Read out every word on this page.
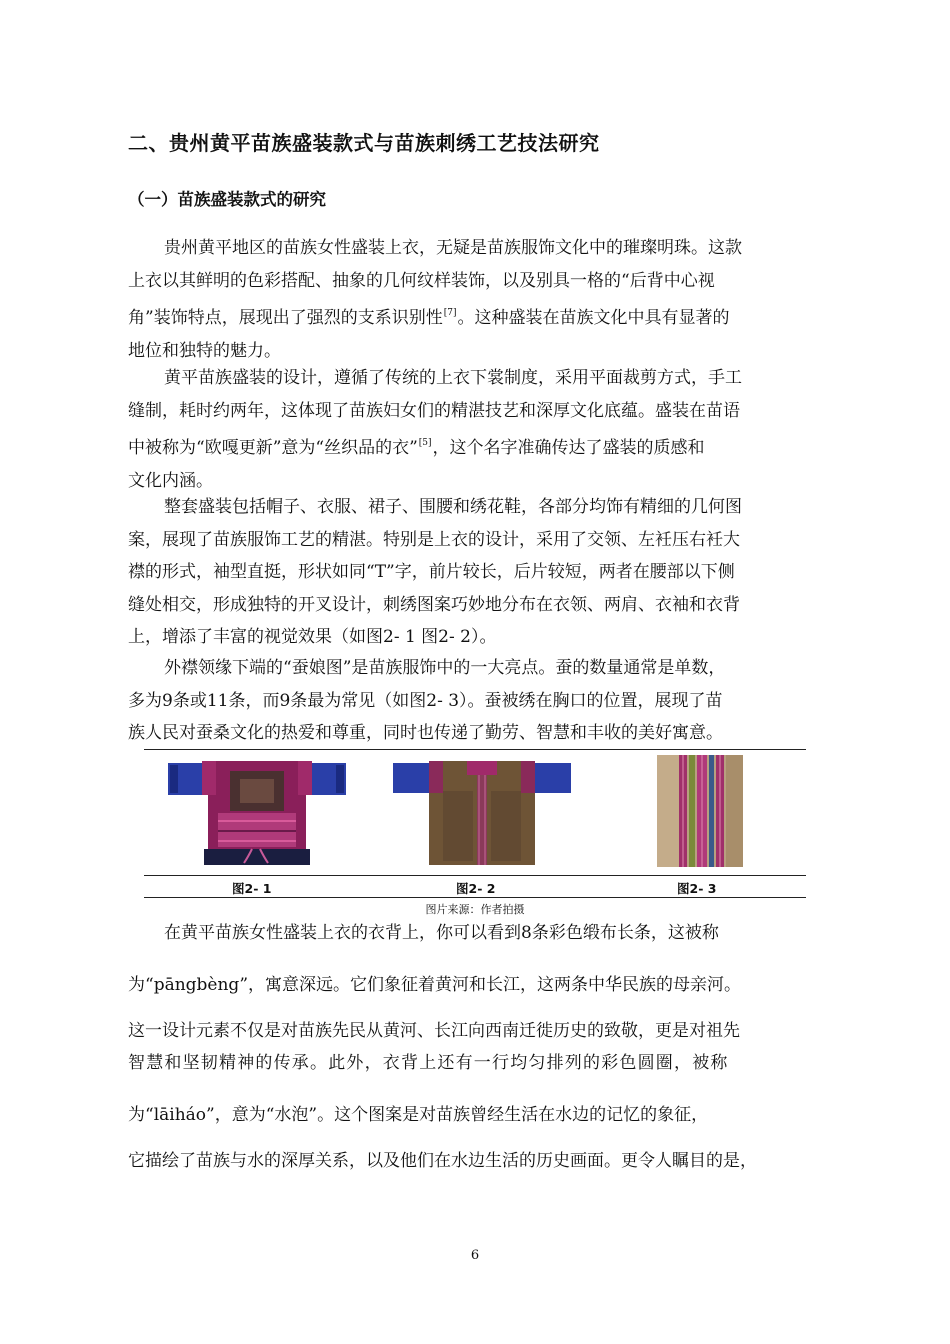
二、贵州黄平苗族盛装款式与苗族刺绣工艺技法研究
（一）苗族盛装款式的研究
贵州黄平地区的苗族女性盛装上衣，无疑是苗族服饰文化中的璀璨明珠。这款
上衣以其鲜明的色彩搭配、抽象的几何纹样装饰，以及别具一格的“后背中心视
角”装饰特点，展现出了强烈的支系识别性[7]。这种盛装在苗族文化中具有显著的
地位和独特的魅力。
黄平苗族盛装的设计，遵循了传统的上衣下裳制度，采用平面裁剪方式，手工
缝制，耗时约两年，这体现了苗族妇女们的精湛技艺和深厚文化底蕴。盛装在苗语
中被称为“欧嘎更新”意为“丝织品的衣”[5]，这个名字准确传达了盛装的质感和
文化内涵。
整套盛装包括帽子、衣服、裙子、围腰和绣花鞋，各部分均饰有精细的几何图
案，展现了苗族服饰工艺的精湛。特别是上衣的设计，采用了交领、左衽压右衽大
襟的形式，袖型直挺，形状如同“T”字，前片较长，后片较短，两者在腰部以下侧
缝处相交，形成独特的开叉设计，刺绣图案巧妙地分布在衣领、两肩、衣袖和衣背
上，增添了丰富的视觉效果（如图2- 1 图2- 2）。
外襟领缘下端的“蚕娘图”是苗族服饰中的一大亮点。蚕的数量通常是单数，
多为9条或11条，而9条最为常见（如图2- 3）。蚕被绣在胸口的位置，展现了苗
族人民对蚕桑文化的热爱和尊重，同时也传递了勤劳、智慧和丰收的美好寓意。
图2- 1	图2- 2	图2- 3
图片来源：作者拍摄
在黄平苗族女性盛装上衣的衣背上，你可以看到8条彩色缎布长条，这被称
为“pāngbèng”，寓意深远。它们象征着黄河和长江，这两条中华民族的母亲河。
这一设计元素不仅是对苗族先民从黄河、长江向西南迁徙历史的致敬，更是对祖先
智慧和坚韧精神的传承。此外，衣背上还有一行均匀排列的彩色圆圈，被称
为“lāiháo”，意为“水泡”。这个图案是对苗族曾经生活在水边的记忆的象征，
它描绘了苗族与水的深厚关系，以及他们在水边生活的历史画面。更令人瞩目的是，
6
